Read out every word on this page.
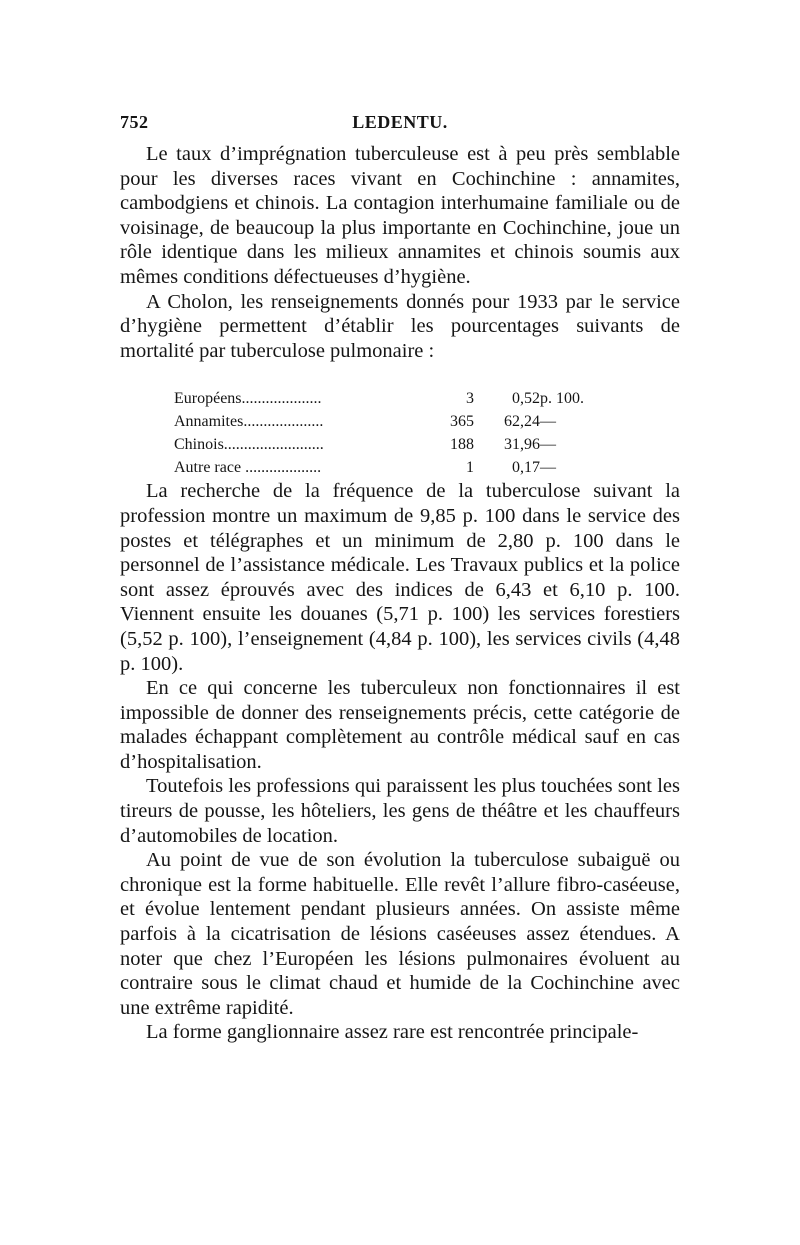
752	LEDENTU.

Le taux d’imprégnation tuberculeuse est à peu près semblable pour les diverses races vivant en Cochinchine : annamites, cambodgiens et chinois. La contagion interhumaine familiale ou de voisinage, de beaucoup la plus importante en Cochinchine, joue un rôle identique dans les milieux annamites et chinois soumis aux mêmes conditions défectueuses d’hygiène.

A Cholon, les renseignements donnés pour 1933 par le service d’hygiène permettent d’établir les pourcentages suivants de mortalité par tuberculose pulmonaire :

Européens....................	3	0,52	p. 100.
Annamites....................	365	62,24	—
Chinois.........................	188	31,96	—
Autre race ...................	1	0,17	—

La recherche de la fréquence de la tuberculose suivant la profession montre un maximum de 9,85 p. 100 dans le service des postes et télégraphes et un minimum de 2,80 p. 100 dans le personnel de l’assistance médicale. Les Travaux publics et la police sont assez éprouvés avec des indices de 6,43 et 6,10 p. 100. Viennent ensuite les douanes (5,71 p. 100) les services forestiers (5,52 p. 100), l’enseignement (4,84 p. 100), les services civils (4,48 p. 100).

En ce qui concerne les tuberculeux non fonctionnaires il est impossible de donner des renseignements précis, cette catégorie de malades échappant complètement au contrôle médical sauf en cas d’hospitalisation.

Toutefois les professions qui paraissent les plus touchées sont les tireurs de pousse, les hôteliers, les gens de théâtre et les chauffeurs d’automobiles de location.

Au point de vue de son évolution la tuberculose subaiguë ou chronique est la forme habituelle. Elle revêt l’allure fibro-caséeuse, et évolue lentement pendant plusieurs années. On assiste même parfois à la cicatrisation de lésions caséeuses assez étendues. A noter que chez l’Européen les lésions pulmonaires évoluent au contraire sous le climat chaud et humide de la Cochinchine avec une extrême rapidité.

La forme ganglionnaire assez rare est rencontrée principale-
